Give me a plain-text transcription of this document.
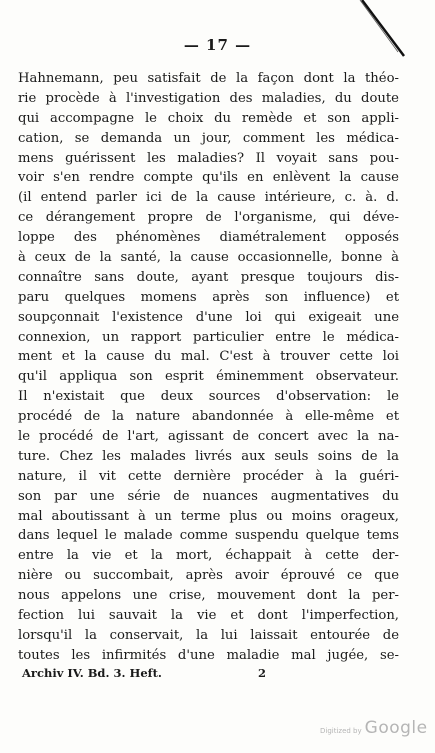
— 17 —
Hahnemann, peu satisfait de la façon dont la théo-
rie procède à l'investigation des maladies, du doute
qui accompagne le choix du remède et son appli-
cation, se demanda un jour, comment les médica-
mens guérissent les maladies? Il voyait sans pou-
voir s'en rendre compte qu'ils en enlèvent la cause
(il entend parler ici de la cause intérieure, c. à. d.
ce dérangement propre de l'organisme, qui déve-
loppe des phénomènes diamétralement opposés
à ceux de la santé, la cause occasionnelle, bonne à
connaître sans doute, ayant presque toujours dis-
paru quelques momens après son influence) et
soupçonnait l'existence d'une loi qui exigeait une
connexion, un rapport particulier entre le médica-
ment et la cause du mal. C'est à trouver cette loi
qu'il appliqua son esprit éminemment observateur.
Il n'existait que deux sources d'observation: le
procédé de la nature abandonnée à elle-même et
le procédé de l'art, agissant de concert avec la na-
ture. Chez les malades livrés aux seuls soins de la
nature, il vit cette dernière procéder à la guéri-
son par une série de nuances augmentatives du
mal aboutissant à un terme plus ou moins orageux,
dans lequel le malade comme suspendu quelque tems
entre la vie et la mort, échappait à cette der-
nière ou succombait, après avoir éprouvé ce que
nous appelons une crise, mouvement dont la per-
fection lui sauvait la vie et dont l'imperfection,
lorsqu'il la conservait, la lui laissait entourée de
toutes les infirmités d'une maladie mal jugée, se-
Archiv IV. Bd. 3. Heft.	2
Digitized by Google
